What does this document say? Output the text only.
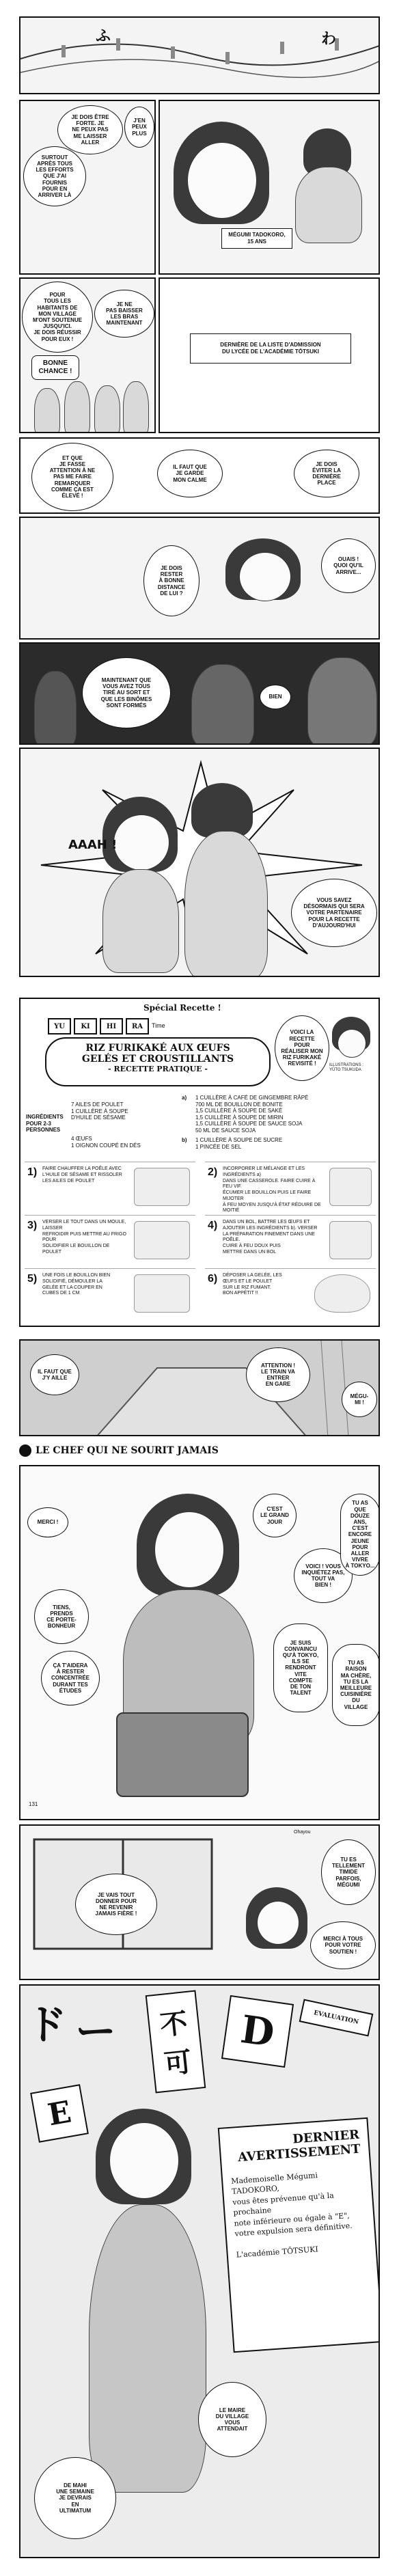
ふ	わ
JE DOIS ÊTRE
FORTE. JE
NE PEUX PAS
ME LAISSER
ALLER
SURTOUT
APRÈS TOUS
LES EFFORTS
QUE J'AI
FOURNIS
POUR EN
ARRIVER LÀ
J'EN
PEUX
PLUS
MÉGUMI TADOKORO,
15 ANS
POUR
TOUS LES
HABITANTS DE
MON VILLAGE
M'ONT SOUTENUE
JUSQU'ICI.
JE DOIS RÉUSSIR
POUR EUX !
JE NE
PAS BAISSER
LES BRAS
MAINTENANT
BONNE
CHANCE !
DERNIÈRE DE LA LISTE D'ADMISSION
DU LYCÉE DE L'ACADÉMIE TŌTSUKI
ET QUE
JE FASSE
ATTENTION À NE
PAS ME FAIRE
REMARQUER
COMME ÇA EST
ÉLEVÉ !
IL FAUT QUE
JE GARDE
MON CALME
JE DOIS
ÉVITER LA
DERNIÈRE
PLACE
JE DOIS
RESTER
À BONNE
DISTANCE
DE LUI ?
OUAIS !
QUOI QU'IL
ARRIVE...
MAINTENANT QUE
VOUS AVEZ TOUS
TIRÉ AU SORT ET
QUE LES BINÔMES
SONT FORMÉS
BIEN
AAAH !
VOUS SAVEZ
DÉSORMAIS QUI SERA
VOTRE PARTENAIRE
POUR LA RECETTE
D'AUJOURD'HUI
Spécial Recette !
YU	KI	HI	RA	Time
RIZ FURIKAKÉ AUX ŒUFS
GELÉS ET CROUSTILLANTS
- RECETTE PRATIQUE -
VOICI LA
RECETTE
POUR
RÉALISER MON
RIZ FURIKAKÉ
REVISITÉ !	ILLUSTRATIONS :
YŪTO TSUKUDA
INGRÉDIENTS
POUR 2-3
PERSONNES
7 AILES DE POULET
1 CUILLÈRE À SOUPE
D'HUILE DE SÉSAME
4 ŒUFS
1 OIGNON COUPÉ EN DÉS
a) 1 CUILLÈRE À CAFÉ DE GINGEMBRE RÂPÉ
700 ML DE BOUILLON DE BONITE
1,5 CUILLÈRE À SOUPE DE SAKÉ
1,5 CUILLÈRE À SOUPE DE MIRIN
1,5 CUILLÈRE À SOUPE DE SAUCE SOJA
50 ML DE SAUCE SOJA
b) 1 CUILLÈRE À SOUPE DE SUCRE
1 PINCÉE DE SEL
1) FAIRE CHAUFFER LA POÊLE AVEC
L'HUILE DE SÉSAME ET RISSOLER
LES AILES DE POULET
2) INCORPORER LE MÉLANGE ET LES INGRÉDIENTS a)
DANS UNE CASSEROLE. FAIRE CUIRE À FEU VIF.
ÉCUMER LE BOUILLON PUIS LE FAIRE MIJOTER
À FEU MOYEN JUSQU'À ÉTAT RÉDUIRE DE MOITIÉ
3) VERSER LE TOUT DANS UN MOULE, LAISSER
REFROIDIR PUIS METTRE AU FRIGO POUR
SOLIDIFIER LE BOUILLON DE POULET
4) DANS UN BOL, BATTRE LES ŒUFS ET
AJOUTER LES INGRÉDIENTS b). VERSER
LA PRÉPARATION FINEMENT DANS UNE POÊLE.
CUIRE À FEU DOUX PUIS
METTRE DANS UN BOL
5) UNE FOIS LE BOUILLON BIEN
SOLIDIFIÉ, DÉMOULER LA
GELÉE ET LA COUPER EN
CUBES DE 1 CM
6) DÉPOSER LA GELÉE, LES
ŒUFS ET LE POULET
SUR LE RIZ FUMANT.
BON APPÉTIT !!
IL FAUT QUE
J'Y AILLE
ATTENTION !
LE TRAIN VA
ENTRER
EN GARE
MÉGU-
MI !
LE CHEF QUI NE SOURIT JAMAIS
MERCI !
C'EST
LE GRAND
JOUR
VOICI ! VOUS
INQUIÉTEZ PAS,
TOUT VA
BIEN !
TU AS
QUE DOUZE
ANS, C'EST
ENCORE
JEUNE POUR
ALLER VIVRE
À TOKYO...
TIENS,
PRENDS
CE PORTE-
BONHEUR
ÇA T'AIDERA
À RESTER
CONCENTRÉE
DURANT TES
ÉTUDES
JE SUIS
CONVAINCU
QU'À TOKYO,
ILS SE
RENDRONT
VITE
COMPTE
DE TON
TALENT
TU AS RAISON
MA CHÈRE,
TU ES LA
MEILLEURE
CUISINIÈRE DU
VILLAGE
131
JE VAIS TOUT
DONNER POUR
NE REVENIR
JAMAIS FIÈRE !
TU ES
TELLEMENT
TIMIDE
PARFOIS,
MÉGUMI
MERCI À TOUS
POUR VOTRE
SOUTIEN !
Ohayou
ド ー	不
可
D	EVALUATION
E
DERNIER
AVERTISSEMENT
Mademoiselle Mégumi TADOKORO,
vous êtes prévenue qu'à la prochaine
note inférieure ou égale à "E",
votre expulsion sera définitive.

L'académie TŌTSUKI
LE MAIRE
DU VILLAGE
VOUS
ATTENDAIT
DE MAHI
UNE SEMAINE
JE DEVRAIS
EN
ULTIMATUM
